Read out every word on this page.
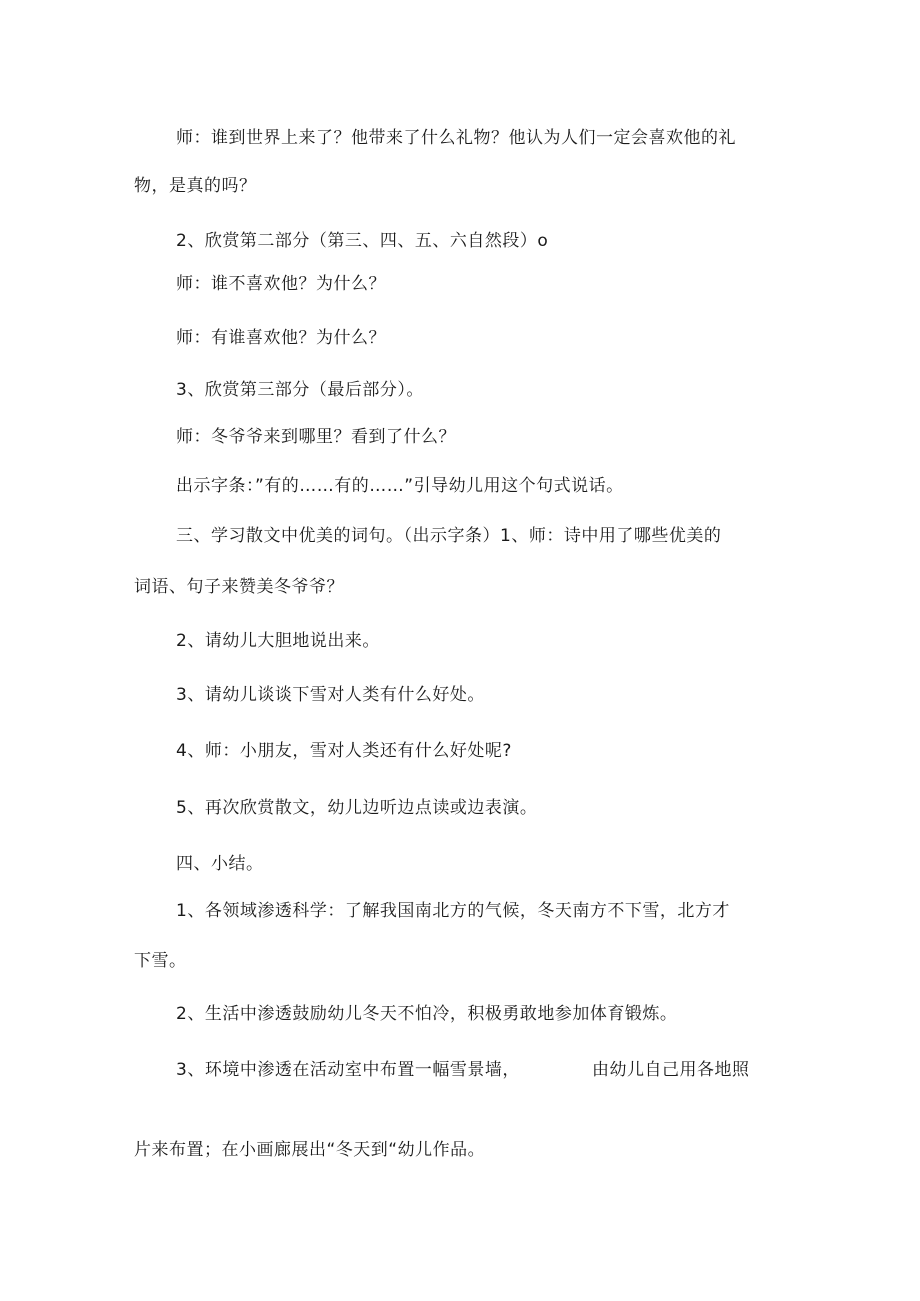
师：谁到世界上来了？他带来了什么礼物？他认为人们一定会喜欢他的礼
物，是真的吗？
2、欣赏第二部分（第三、四、五、六自然段）o
师：谁不喜欢他？为什么？
师：有谁喜欢他？为什么？
3、欣赏第三部分（最后部分）。
师：冬爷爷来到哪里？看到了什么？
出示字条：”有的……有的……”引导幼儿用这个句式说话。
三、学习散文中优美的词句。（出示字条）1、师：诗中用了哪些优美的
词语、句子来赞美冬爷爷？
2、请幼儿大胆地说出来。
3、请幼儿谈谈下雪对人类有什么好处。
4、师：小朋友，雪对人类还有什么好处呢?
5、再次欣赏散文，幼儿边听边点读或边表演。
四、小结。
1、各领域渗透科学：了解我国南北方的气候，冬天南方不下雪，北方才
下雪。
2、生活中渗透鼓励幼儿冬天不怕冷，积极勇敢地参加体育锻炼。
3、环境中渗透在活动室中布置一幅雪景墙，	由幼儿自己用各地照
片来布置；在小画廊展出“冬天到“幼儿作品。
